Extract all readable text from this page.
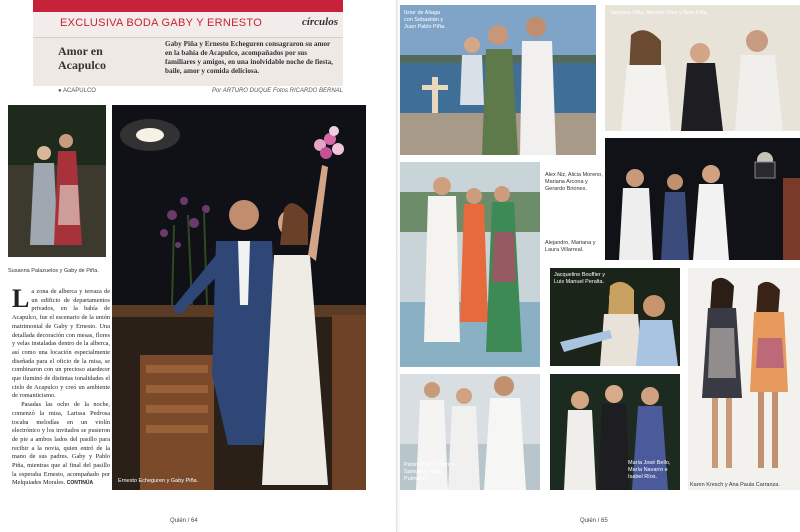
EXCLUSIVA BODA GABY Y ERNESTO	círculos
Amor en
Acapulco
Gaby Piña y Ernesto Echeguren consagraron su amor en la bahía de Acapulco, acompañados por sus familiares y amigos, en una inolvidable noche de fiesta, baile, amor y comida deliciosa.
● ACAPULCO	Por ARTURO DUQUE Fotos RICARDO BERNAL
Susanna Palazuelos y Gaby de Piña.
Ernesto Echeguren y Gaby Piña.
La zona de alberca y terraza de un edificio de departamentos privados, en la bahía de Acapulco, fue el escenario de la unión matrimonial de Gaby y Ernesto. Una detallada decoración con mesas, flores y velas instaladas dentro de la alberca, así como una locación especialmente diseñada para el oficio de la misa, se combinaron con un precioso atardecer que iluminó de distintas tonalidades el cielo de Acapulco y creó un ambiente de romanticismo.
Pasadas las ocho de la noche, comenzó la misa, Larissa Pedrosa tocaba melodías en un violín electrónico y los invitados se pusieron de pie a ambos lados del pasillo para recibir a la novia, quien entró de la mano de sus padres. Gaby y Pablo Piña, mientras que al final del pasillo la esperaba Ernesto, acompañado por Melquiades Morales. CONTINÚA
Quién / 64
Itziar de Aliaga con Sebastián y Juan Pablo Piña.
Vanessa Piña, Montse Díaz y Reis Piña.
Alex Niz, Alicia Moreno, Mariana Arcona y Gerardo Briones.
Alejandro, Mariana y Laura Villarreal.
Jacqueline Bouffier y Luis Manuel Peralta.
Pablo Piña, Federico Samuel y Pablo Pulmanet.
María José Bello, María Navarro e Isabel Ríos.
Karen Kresch y Ana Paula Carranza.
Quién / 65
